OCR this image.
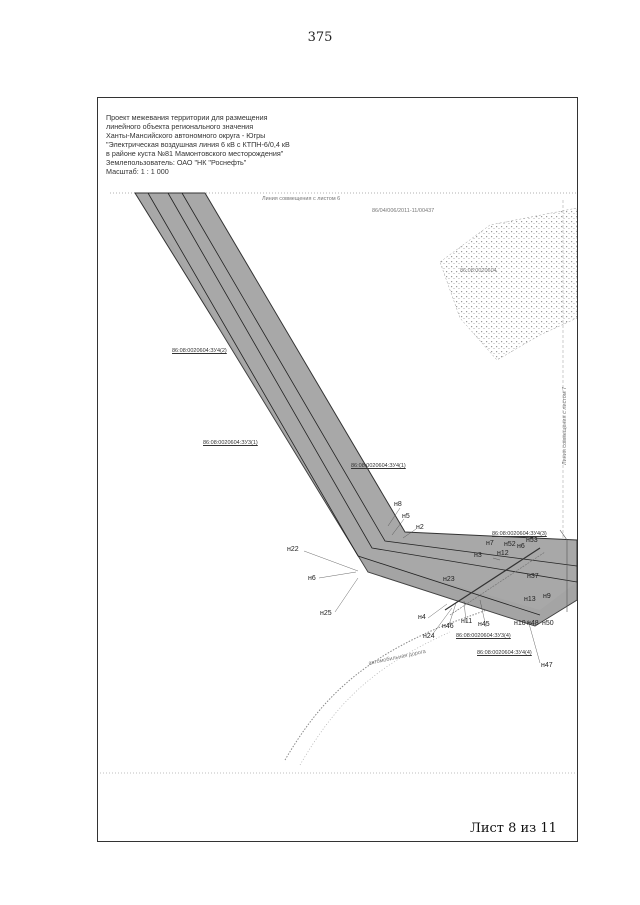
375
Проект межевания территории для размещения
линейного объекта регионального значения
Ханты-Мансийского автономного округа - Югры
"Электрическая воздушная линия 6 кВ с КТПН-6/0,4 кВ
в районе куста №81 Мамонтовского месторождения"
Землепользователь: ОАО "НК "Роснефть"
Масштаб: 1 : 1 000
Линия совмещения с листом 6
86/04/006/2011-11/00437
86:08:0020604
Линия совмещения с листом 7
автомобильная дорога
86:08:0020604:ЗУ4(2)
86:08:0020604:ЗУ3(1)
86:08:0020604:ЗУ4(1)
86:08:0020604:ЗУ4(3)
86:08:0020604:ЗУ3(4)
86:08:0020604:ЗУ4(4)
н8
н5
н2
н22
н6
н25
н23
н4
н11
н24
н46	н45	н10 н48
н47
н7
н3 н12
н52 н6
н53
н37
н13 н9
н50
Лист 8 из 11
